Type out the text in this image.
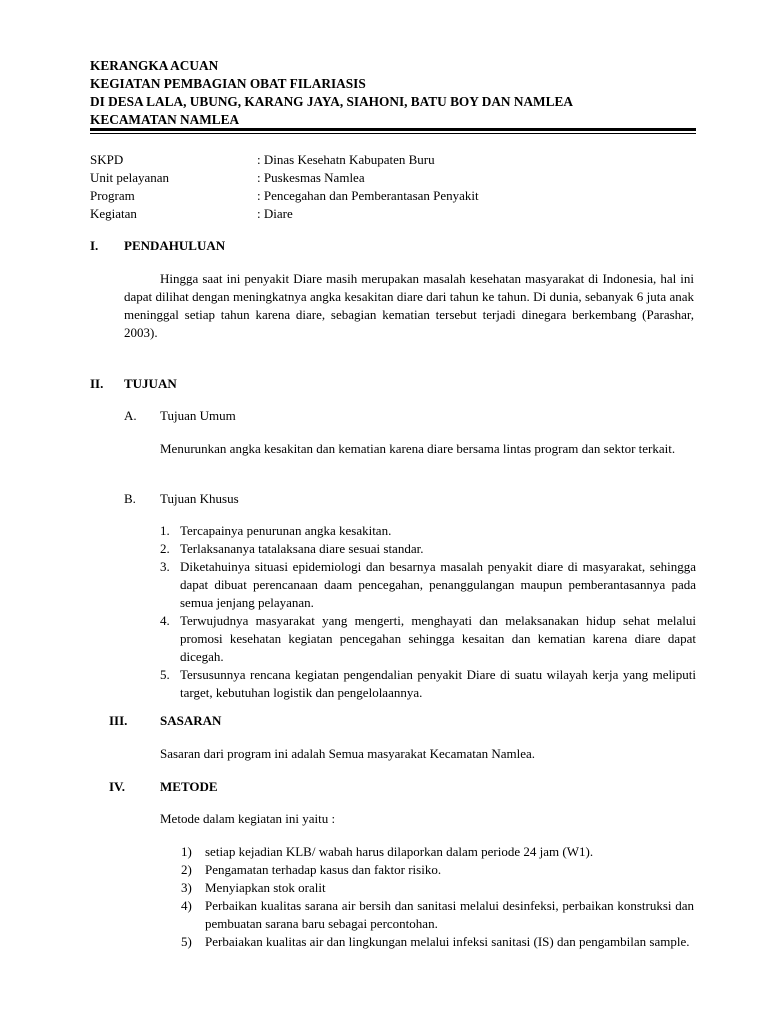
KERANGKA ACUAN
KEGIATAN PEMBAGIAN OBAT FILARIASIS
DI DESA LALA, UBUNG, KARANG JAYA, SIAHONI, BATU BOY DAN NAMLEA
KECAMATAN NAMLEA
SKPD	: Dinas Kesehatn Kabupaten Buru
Unit pelayanan	: Puskesmas Namlea
Program	: Pencegahan dan Pemberantasan Penyakit
Kegiatan	: Diare
I. PENDAHULUAN
Hingga saat ini penyakit Diare masih merupakan masalah kesehatan masyarakat di Indonesia, hal ini dapat dilihat dengan meningkatnya angka kesakitan diare dari tahun ke tahun. Di dunia, sebanyak 6 juta anak meninggal setiap tahun karena diare, sebagian kematian tersebut terjadi dinegara berkembang (Parashar, 2003).
II. TUJUAN
A. Tujuan Umum
Menurunkan angka kesakitan dan kematian karena diare bersama lintas program dan sektor terkait.
B. Tujuan Khusus
1. Tercapainya penurunan angka kesakitan.
2. Terlaksananya tatalaksana diare sesuai standar.
3. Diketahuinya situasi epidemiologi dan besarnya masalah penyakit diare di masyarakat, sehingga dapat dibuat perencanaan daam pencegahan, penanggulangan maupun pemberantasannya pada semua jenjang pelayanan.
4. Terwujudnya masyarakat yang mengerti, menghayati dan melaksanakan hidup sehat melalui promosi kesehatan kegiatan pencegahan sehingga kesaitan dan kematian karena diare dapat dicegah.
5. Tersusunnya rencana kegiatan pengendalian penyakit Diare di suatu wilayah kerja yang meliputi target, kebutuhan logistik dan pengelolaannya.
III.	SASARAN
Sasaran dari program ini adalah Semua masyarakat Kecamatan Namlea.
IV.	METODE
Metode dalam kegiatan ini yaitu :
1)	setiap kejadian KLB/ wabah harus dilaporkan dalam periode 24 jam (W1).
2)	Pengamatan terhadap kasus dan faktor risiko.
3)	Menyiapkan stok oralit
4)	Perbaikan kualitas sarana air bersih dan sanitasi melalui desinfeksi, perbaikan konstruksi dan pembuatan sarana baru sebagai percontohan.
5)	Perbaiakan kualitas air dan lingkungan melalui infeksi sanitasi (IS) dan pengambilan sample.
